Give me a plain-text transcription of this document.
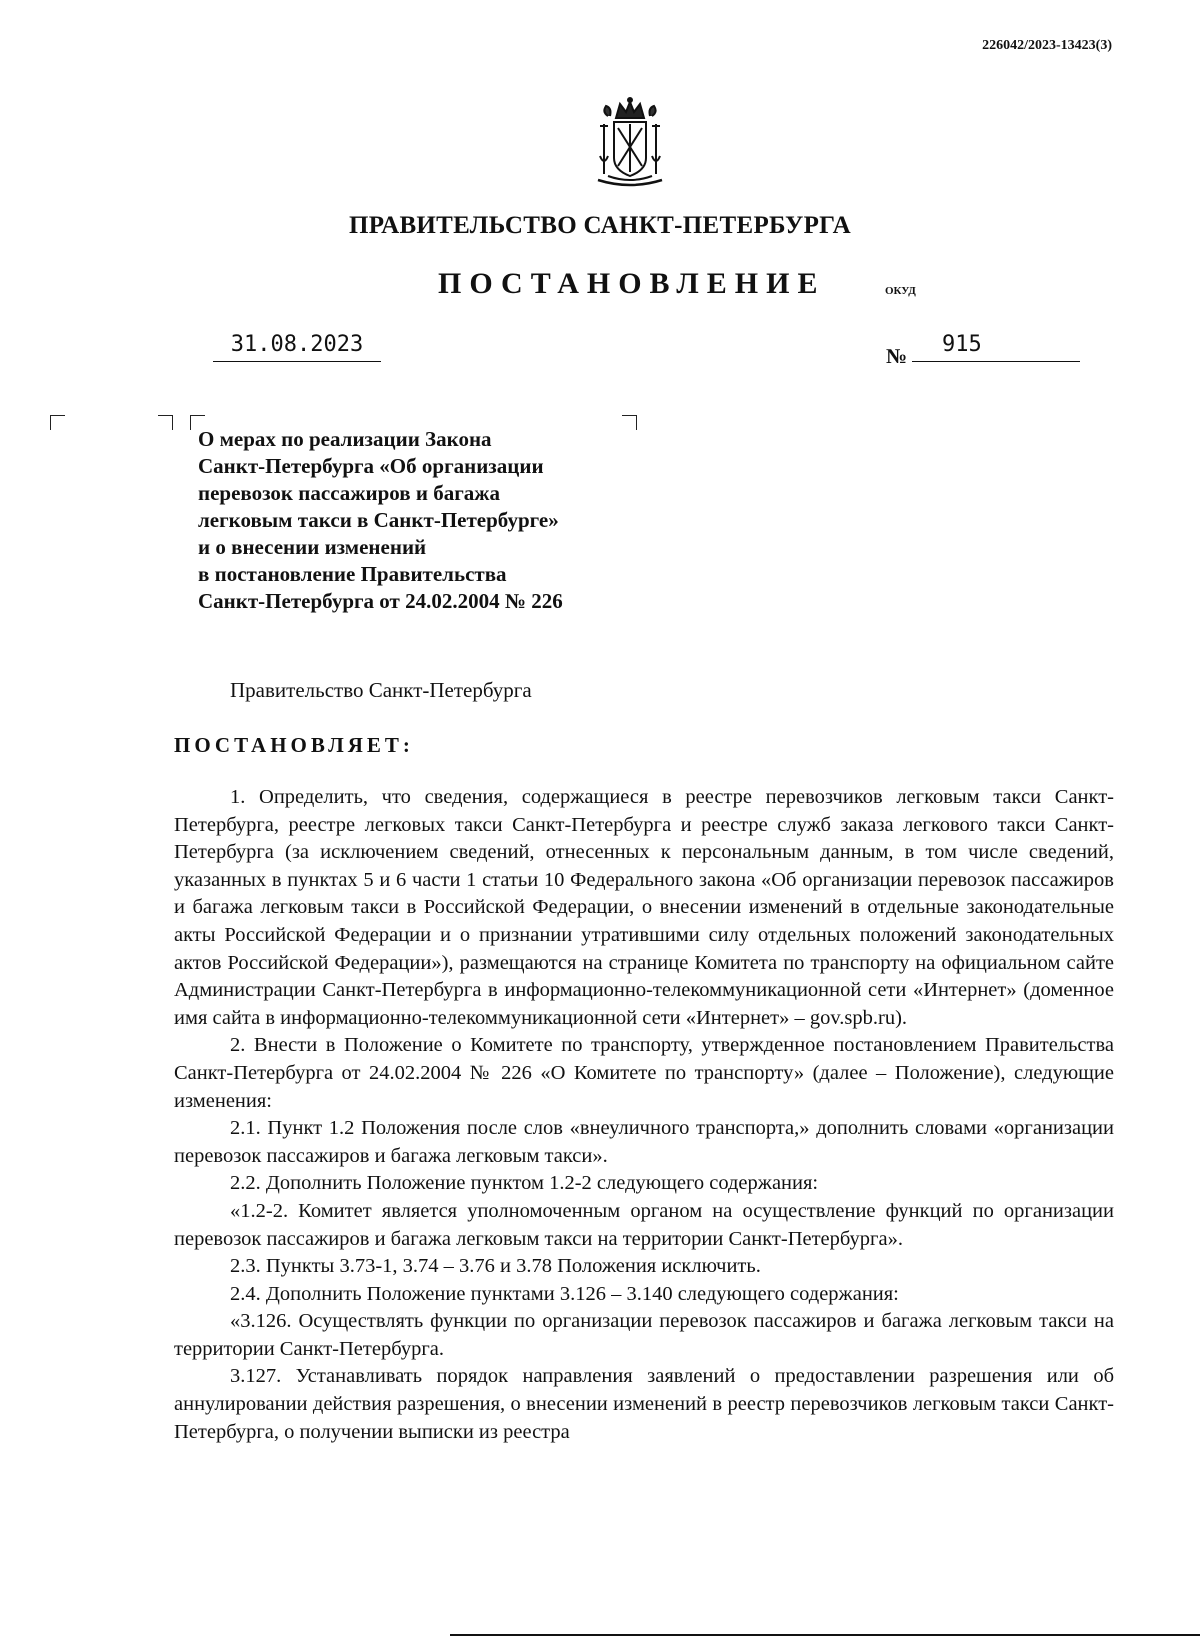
226042/2023-13423(3)
ПРАВИТЕЛЬСТВО САНКТ-ПЕТЕРБУРГА
ПОСТАНОВЛЕНИЕ	ОКУД
31.08.2023	№	915
О мерах по реализации Закона
Санкт-Петербурга «Об организации
перевозок пассажиров и багажа
легковым такси в Санкт-Петербурге»
и о внесении изменений
в постановление Правительства
Санкт-Петербурга от 24.02.2004 № 226
Правительство Санкт-Петербурга
ПОСТАНОВЛЯЕТ:

1. Определить, что сведения, содержащиеся в реестре перевозчиков легковым такси Санкт-Петербурга, реестре легковых такси Санкт-Петербурга и реестре служб заказа легкового такси Санкт-Петербурга (за исключением сведений, отнесенных к персональным данным, в том числе сведений, указанных в пунктах 5 и 6 части 1 статьи 10 Федерального закона «Об организации перевозок пассажиров и багажа легковым такси в Российской Федерации, о внесении изменений в отдельные законодательные акты Российской Федерации и о признании утратившими силу отдельных положений законодательных актов Российской Федерации»), размещаются на странице Комитета по транспорту на официальном сайте Администрации Санкт-Петербурга в информационно-телекоммуникационной сети «Интернет» (доменное имя сайта в информационно-телекоммуникационной сети «Интернет» – gov.spb.ru).

2. Внести в Положение о Комитете по транспорту, утвержденное постановлением Правительства Санкт-Петербурга от 24.02.2004 № 226 «О Комитете по транспорту» (далее – Положение), следующие изменения:

2.1. Пункт 1.2 Положения после слов «внеуличного транспорта,» дополнить словами «организации перевозок пассажиров и багажа легковым такси».

2.2. Дополнить Положение пунктом 1.2-2 следующего содержания:

«1.2-2. Комитет является уполномоченным органом на осуществление функций по организации перевозок пассажиров и багажа легковым такси на территории Санкт-Петербурга».

2.3. Пункты 3.73-1, 3.74 – 3.76 и 3.78 Положения исключить.

2.4. Дополнить Положение пунктами 3.126 – 3.140 следующего содержания:

«3.126. Осуществлять функции по организации перевозок пассажиров и багажа легковым такси на территории Санкт-Петербурга.

3.127. Устанавливать порядок направления заявлений о предоставлении разрешения или об аннулировании действия разрешения, о внесении изменений в реестр перевозчиков легковым такси Санкт-Петербурга, о получении выписки из реестра
